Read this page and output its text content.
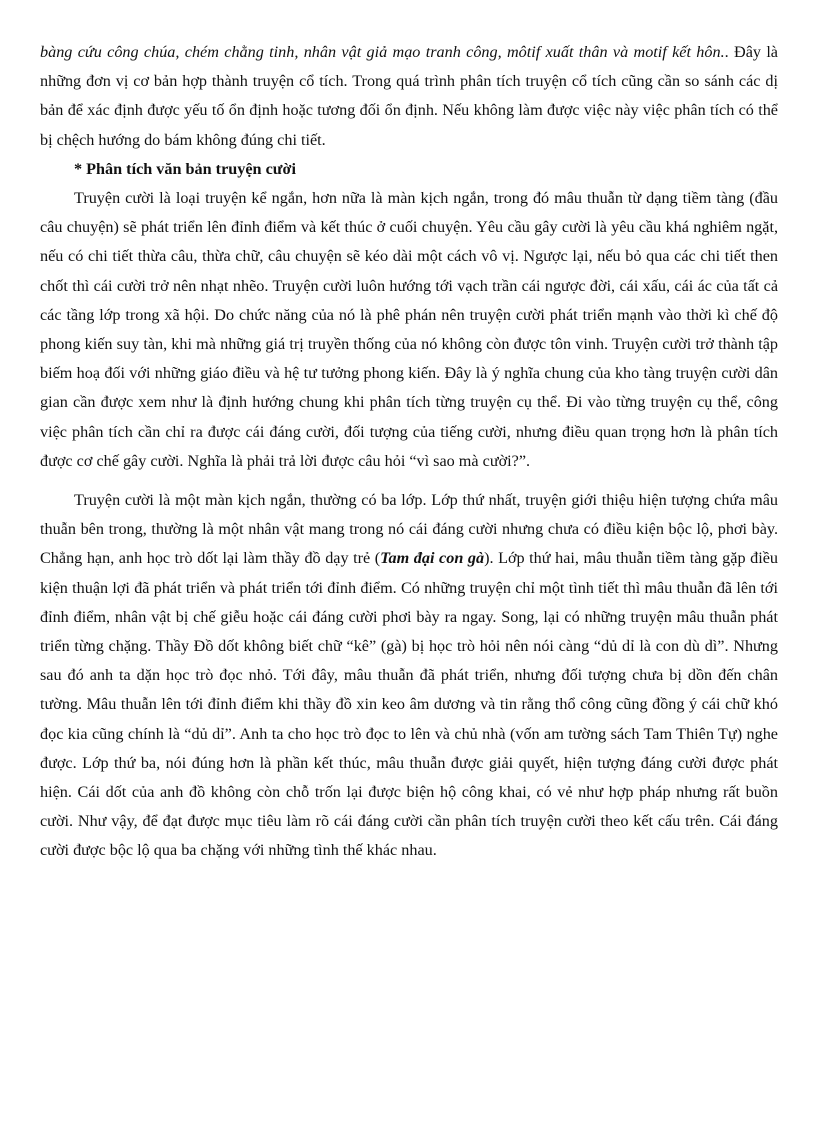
bàng cứu công chúa, chém chằng tinh, nhân vật giả mạo tranh công, môtif xuất thân và motif kết hôn.. Đây là những đơn vị cơ bản hợp thành truyện cổ tích. Trong quá trình phân tích truyện cổ tích cũng cần so sánh các dị bản để xác định được yếu tố ổn định hoặc tương đối ổn định. Nếu không làm được việc này việc phân tích có thể bị chệch hướng do bám không đúng chi tiết.

* Phân tích văn bản truyện cười

Truyện cười là loại truyện kể ngắn, hơn nữa là màn kịch ngắn, trong đó mâu thuẫn từ dạng tiềm tàng (đầu câu chuyện) sẽ phát triển lên đỉnh điểm và kết thúc ở cuối chuyện. Yêu cầu gây cười là yêu cầu khá nghiêm ngặt, nếu có chi tiết thừa câu, thừa chữ, câu chuyện sẽ kéo dài một cách vô vị. Ngược lại, nếu bỏ qua các chi tiết then chốt thì cái cười trở nên nhạt nhẽo. Truyện cười luôn hướng tới vạch trần cái ngược đời, cái xấu, cái ác của tất cả các tầng lớp trong xã hội. Do chức năng của nó là phê phán nên truyện cười phát triển mạnh vào thời kì chế độ phong kiến suy tàn, khi mà những giá trị truyền thống của nó không còn được tôn vinh. Truyện cười trở thành tập biếm hoạ đối với những giáo điều và hệ tư tưởng phong kiến. Đây là ý nghĩa chung của kho tàng truyện cười dân gian cần được xem như là định hướng chung khi phân tích từng truyện cụ thể. Đi vào từng truyện cụ thể, công việc phân tích cần chỉ ra được cái đáng cười, đối tượng của tiếng cười, nhưng điều quan trọng hơn là phân tích được cơ chế gây cười. Nghĩa là phải trả lời được câu hỏi “vì sao mà cười?”.

Truyện cười là một màn kịch ngắn, thường có ba lớp. Lớp thứ nhất, truyện giới thiệu hiện tượng chứa mâu thuẫn bên trong, thường là một nhân vật mang trong nó cái đáng cười nhưng chưa có điều kiện bộc lộ, phơi bày. Chẳng hạn, anh học trò dốt lại làm thầy đồ dạy trẻ (Tam đại con gà). Lớp thứ hai, mâu thuẫn tiềm tàng gặp điều kiện thuận lợi đã phát triển và phát triển tới đỉnh điểm. Có những truyện chỉ một tình tiết thì mâu thuẫn đã lên tới đỉnh điểm, nhân vật bị chế giễu hoặc cái đáng cười phơi bày ra ngay. Song, lại có những truyện mâu thuẫn phát triển từng chặng. Thầy Đồ dốt không biết chữ “kê” (gà) bị học trò hỏi nên nói càng “dủ dỉ là con dù dì”. Nhưng sau đó anh ta dặn học trò đọc nhỏ. Tới đây, mâu thuẫn đã phát triển, nhưng đối tượng chưa bị dồn đến chân tường. Mâu thuẫn lên tới đỉnh điểm khi thầy đồ xin keo âm dương và tin rằng thổ công cũng đồng ý cái chữ khó đọc kia cũng chính là “dủ dỉ”. Anh ta cho học trò đọc to lên và chủ nhà (vốn am tường sách Tam Thiên Tự) nghe được. Lớp thứ ba, nói đúng hơn là phần kết thúc, mâu thuẫn được giải quyết, hiện tượng đáng cười được phát hiện. Cái dốt của anh đồ không còn chỗ trốn lại được biện hộ công khai, có vẻ như hợp pháp nhưng rất buồn cười. Như vậy, để đạt được mục tiêu làm rõ cái đáng cười cần phân tích truyện cười theo kết cấu trên. Cái đáng cười được bộc lộ qua ba chặng với những tình thế khác nhau.
